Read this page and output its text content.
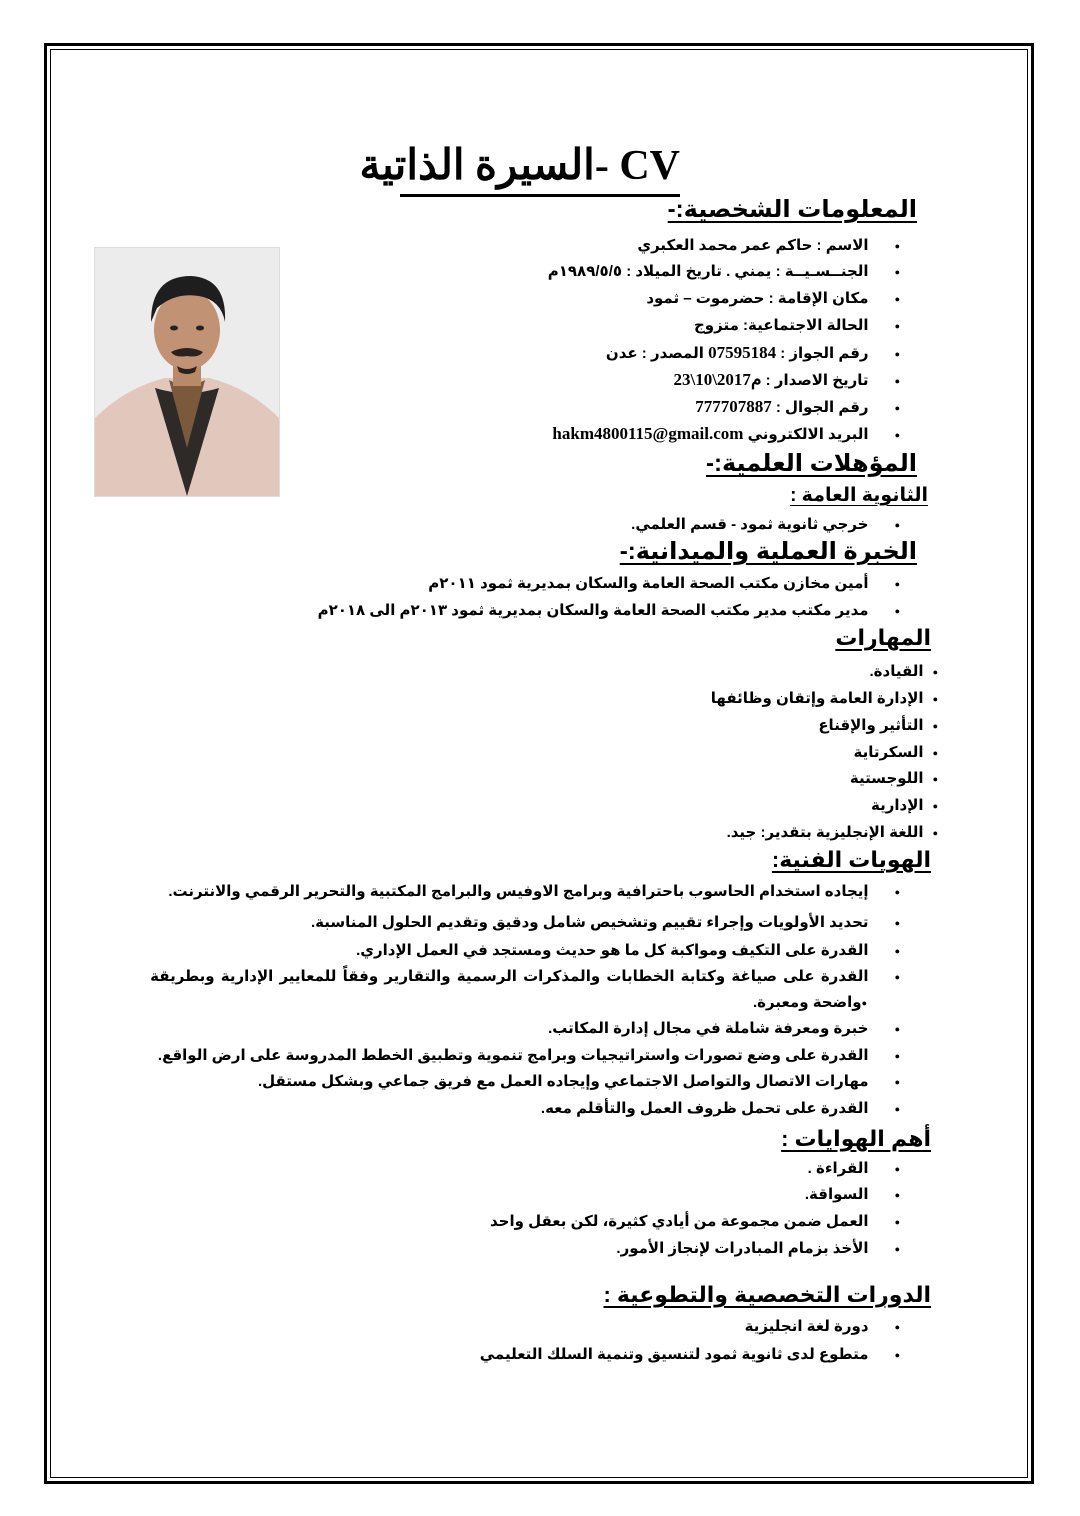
CV -السيرة الذاتية
المعلومات الشخصية:-
● الاسم : حاكم عمر محمد العكبري
● الجنــسـيــة : يمني . تاريخ الميلاد : ١٩٨٩/٥/٥م
● مكان الإقامة : حضرموت – ثمود
● الحالة الاجتماعية: متزوج
● رقم الجواز : 07595184 المصدر : عدن
● تاريخ الاصدار : 23\10\2017م
● رقم الجوال : 777707887
● البريد الالكتروني hakm4800115@gmail.com
المؤهلات العلمية:-
الثانوية العامة :
● خرجي ثانوية ثمود - قسم العلمي.
الخبرة العملية والميدانية:-
● أمين مخازن مكتب الصحة العامة والسكان بمديرية ثمود ٢٠١١م
● مدير مكتب مدير مكتب الصحة العامة والسكان بمديرية ثمود ٢٠١٣م الى ٢٠١٨م
المهارات
● القيادة.
● الإدارة العامة وإتقان وظائفها
● التأثير والإقناع
● السكرتاية
● اللوجستية
● الإدارية
● اللغة الإنجليزية بتقدير: جيد.
الهويات الفنية:
● إيجاده استخدام الحاسوب باحترافية وبرامج الاوفيس والبرامج المكتبية والتحرير الرقمي والانترنت.
● تحديد الأولويات وإجراء تقييم وتشخيص شامل ودقيق وتقديم الحلول المناسبة.
● القدرة على التكيف ومواكبة كل ما هو حديث ومستجد في العمل الإداري.
● القدرة على صياغة وكتابة الخطابات والمذكرات الرسمية والتقارير وفقاً للمعايير الإدارية وبطريقة
● واضحة ومعبرة.
● خبرة ومعرفة شاملة في مجال إدارة المكاتب.
● القدرة على وضع تصورات واستراتيجيات وبرامج تنموية وتطبيق الخطط المدروسة على ارض الواقع.
● مهارات الاتصال والتواصل الاجتماعي وإيجاده العمل مع فريق جماعي وبشكل مستقل.
● القدرة على تحمل ظروف العمل والتأقلم معه.
أهم الهوايات :
● القراءة .
● السواقة.
● العمل ضمن مجموعة من أيادي كثيرة، لكن بعقل واحد
● الأخذ بزمام المبادرات لإنجاز الأمور.
الدورات التخصصية والتطوعية :
● دورة لغة انجليزية
● متطوع لدى ثانوية ثمود لتنسيق وتنمية السلك التعليمي
